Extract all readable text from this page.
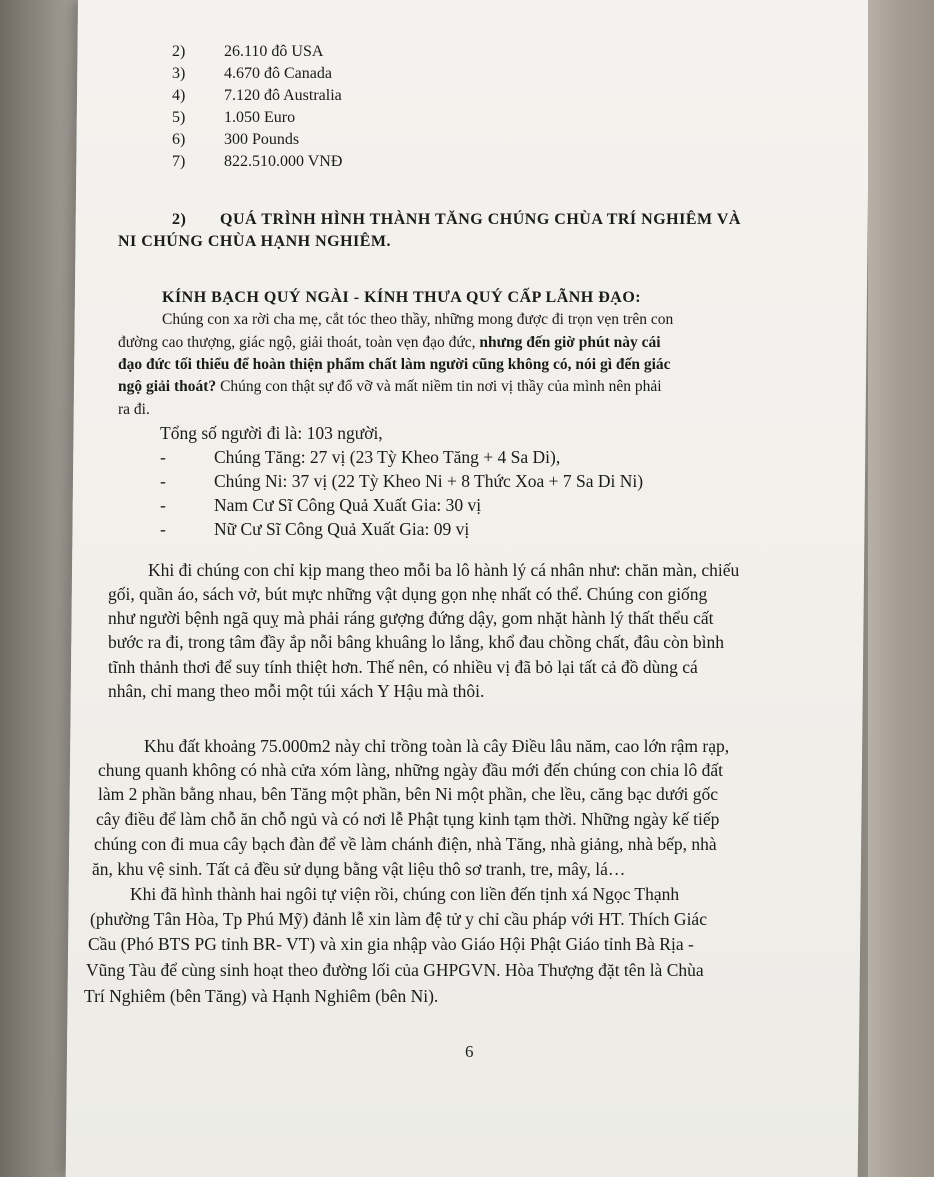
2) 26.110 đô USA
3) 4.670 đô Canada
4) 7.120 đô Australia
5) 1.050 Euro
6) 300 Pounds
7) 822.510.000 VNĐ
2) QUÁ TRÌNH HÌNH THÀNH TĂNG CHÚNG CHÙA TRÍ NGHIÊM VÀ
NI CHÚNG CHÙA HẠNH NGHIÊM.
KÍNH BẠCH QUÝ NGÀI - KÍNH THƯA QUÝ CẤP LÃNH ĐẠO:
Chúng con xa rời cha mẹ, cắt tóc theo thầy, những mong được đi trọn vẹn trên con
đường cao thượng, giác ngộ, giải thoát, toàn vẹn đạo đức, nhưng đến giờ phút này cái
đạo đức tối thiểu để hoàn thiện phẩm chất làm người cũng không có, nói gì đến giác
ngộ giải thoát? Chúng con thật sự đổ vỡ và mất niềm tin nơi vị thầy của mình nên phải
ra đi.
Tổng số người đi là: 103 người,
-	Chúng Tăng: 27 vị (23 Tỳ Kheo Tăng + 4 Sa Di),
-	Chúng Ni: 37 vị (22 Tỳ Kheo Ni + 8 Thức Xoa + 7 Sa Di Ni)
-	Nam Cư Sĩ Công Quả Xuất Gia: 30 vị
-	Nữ Cư Sĩ Công Quả Xuất Gia: 09 vị
Khi đi chúng con chỉ kịp mang theo mỗi ba lô hành lý cá nhân như: chăn màn, chiếu
gối, quần áo, sách vở, bút mực những vật dụng gọn nhẹ nhất có thể. Chúng con giống
như người bệnh ngã quỵ mà phải ráng gượng đứng dậy, gom nhặt hành lý thất thểu cất
bước ra đi, trong tâm đầy ắp nỗi bâng khuâng lo lắng, khổ đau chồng chất, đâu còn bình
tĩnh thảnh thơi để suy tính thiệt hơn. Thế nên, có nhiều vị đã bỏ lại tất cả đồ dùng cá
nhân, chỉ mang theo mỗi một túi xách Y Hậu mà thôi.
Khu đất khoảng 75.000m2 này chỉ trồng toàn là cây Điều lâu năm, cao lớn rậm rạp,
chung quanh không có nhà cửa xóm làng, những ngày đầu mới đến chúng con chia lô đất
làm 2 phần bằng nhau, bên Tăng một phần, bên Ni một phần, che lều, căng bạc dưới gốc
cây điều để làm chỗ ăn chỗ ngủ và có nơi lễ Phật tụng kinh tạm thời. Những ngày kế tiếp
chúng con đi mua cây bạch đàn để về làm chánh điện, nhà Tăng, nhà giảng, nhà bếp, nhà
ăn, khu vệ sinh. Tất cả đều sử dụng bằng vật liệu thô sơ tranh, tre, mây, lá…
Khi đã hình thành hai ngôi tự viện rồi, chúng con liền đến tịnh xá Ngọc Thạnh
(phường Tân Hòa, Tp Phú Mỹ) đảnh lễ xin làm đệ tử y chỉ cầu pháp với HT. Thích Giác
Cầu (Phó BTS PG tỉnh BR- VT) và xin gia nhập vào Giáo Hội Phật Giáo tỉnh Bà Rịa -
Vũng Tàu để cùng sinh hoạt theo đường lối của GHPGVN. Hòa Thượng đặt tên là Chùa
Trí Nghiêm (bên Tăng) và Hạnh Nghiêm (bên Ni).
6
